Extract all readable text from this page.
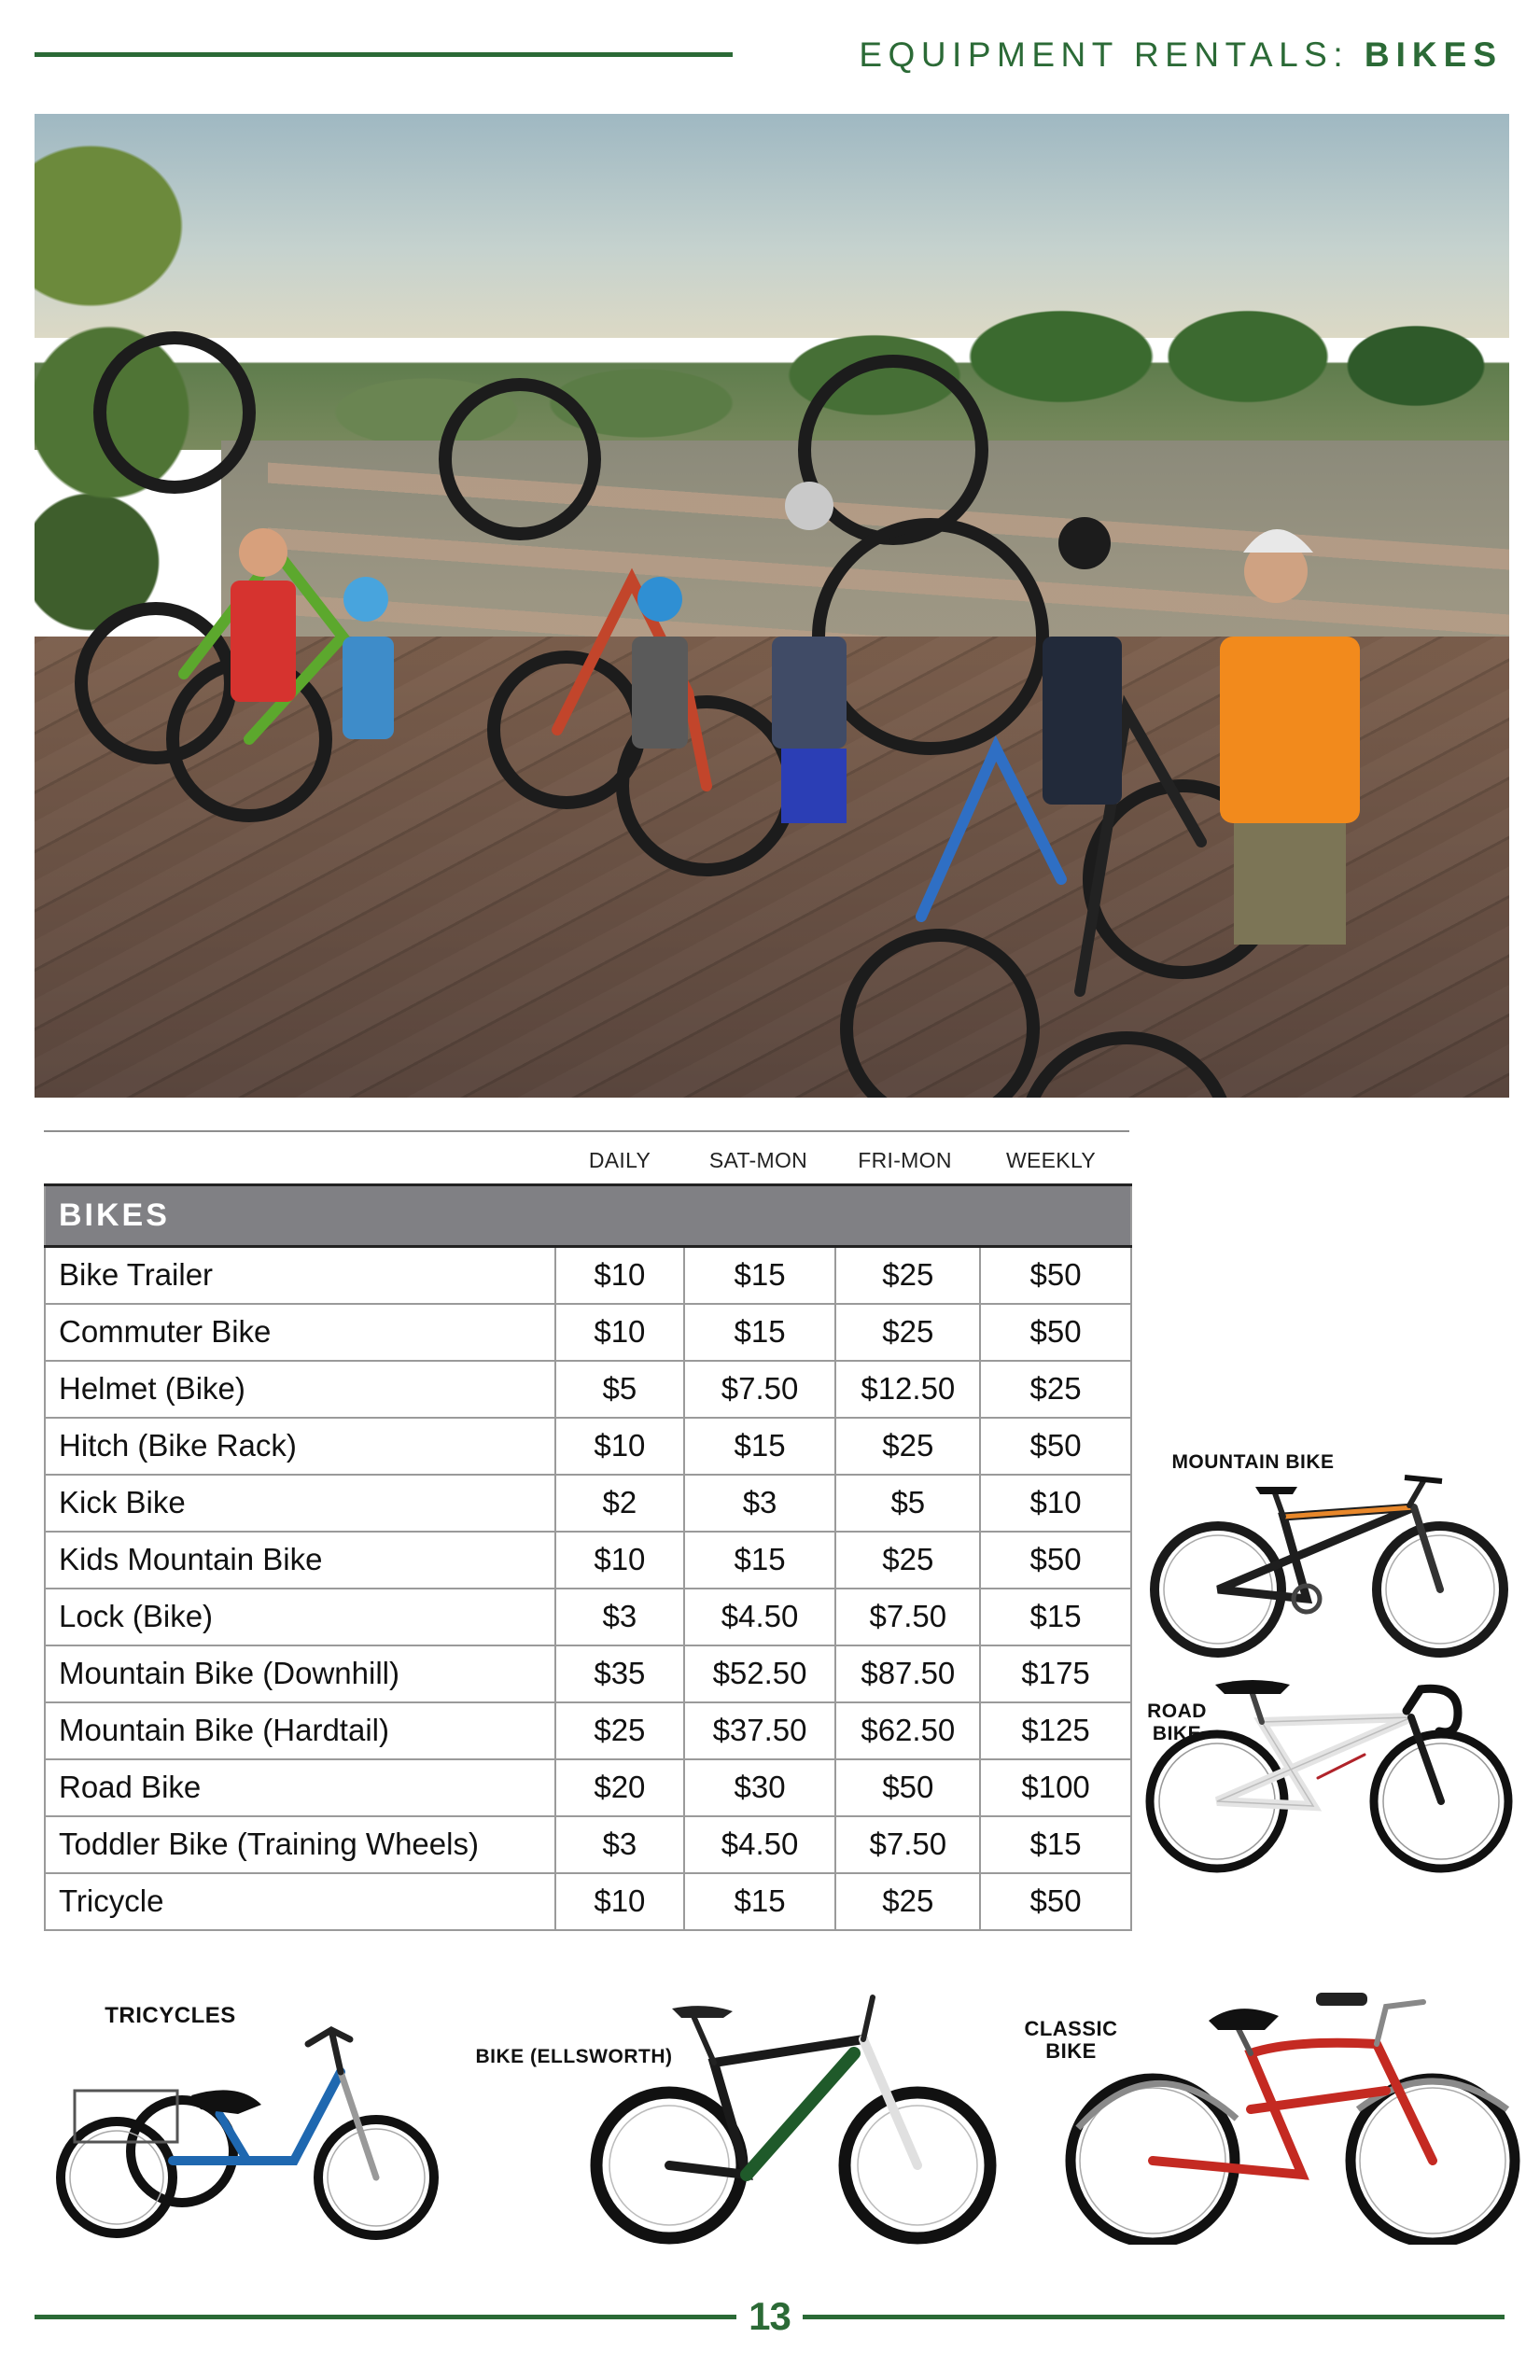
EQUIPMENT RENTALS: BIKES
DAILY	SAT-MON	FRI-MON	WEEKLY
BIKES				
Bike Trailer	$10	$15	$25	$50
Commuter Bike	$10	$15	$25	$50
Helmet (Bike)	$5	$7.50	$12.50	$25
Hitch (Bike Rack)	$10	$15	$25	$50
Kick Bike	$2	$3	$5	$10
Kids Mountain Bike	$10	$15	$25	$50
Lock (Bike)	$3	$4.50	$7.50	$15
Mountain Bike (Downhill)	$35	$52.50	$87.50	$175
Mountain Bike (Hardtail)	$25	$37.50	$62.50	$125
Road Bike	$20	$30	$50	$100
Toddler Bike (Training Wheels)	$3	$4.50	$7.50	$15
Tricycle	$10	$15	$25	$50
MOUNTAIN BIKE
ROAD
BIKE
TRICYCLES
BIKE (ELLSWORTH)
CLASSIC
BIKE
13
